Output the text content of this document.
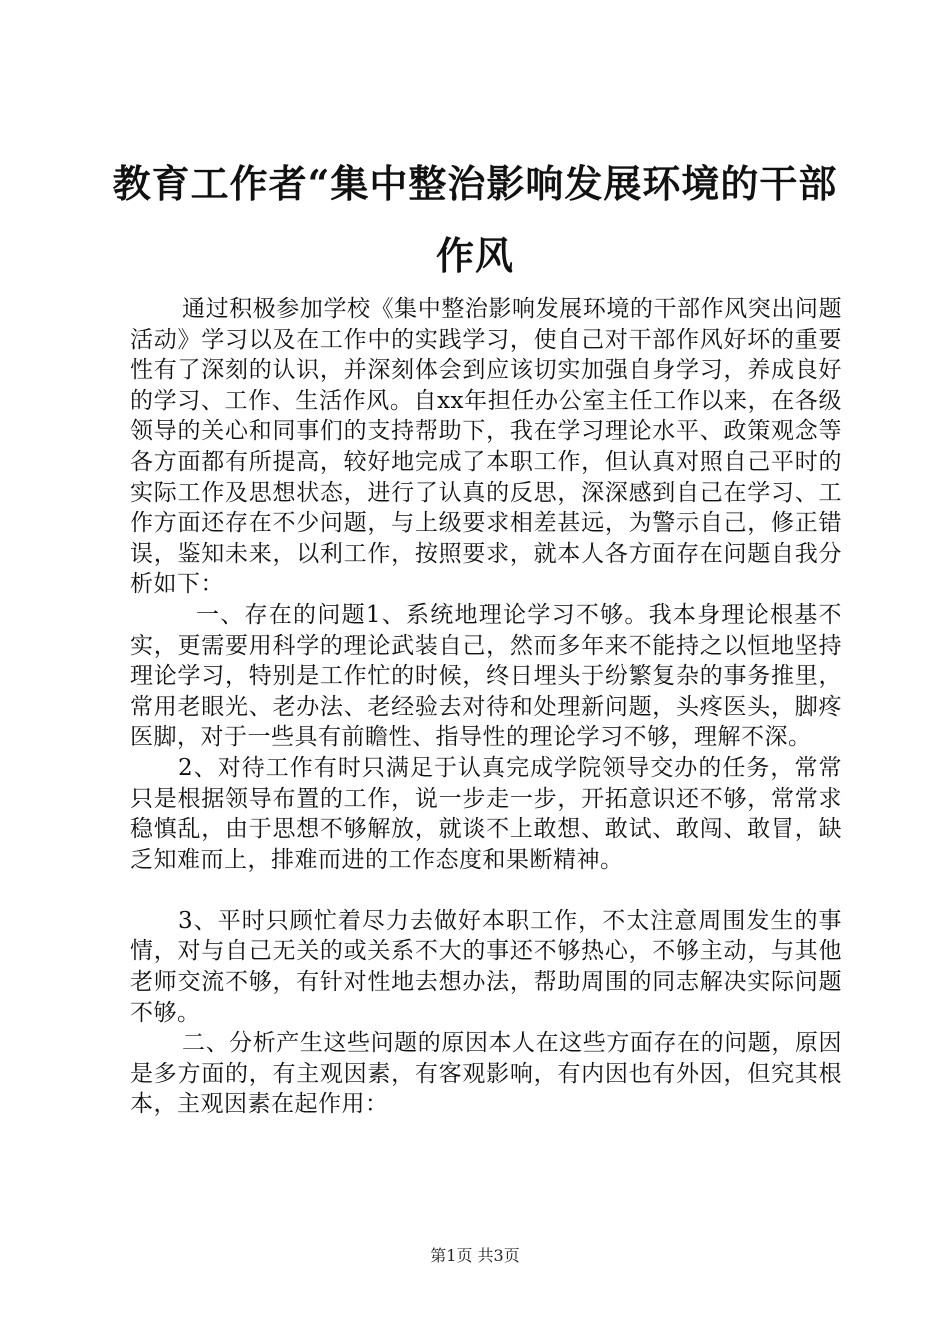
教育工作者“集中整治影响发展环境的干部作风

通过积极参加学校《集中整治影响发展环境的干部作风突出问题活动》学习以及在工作中的实践学习，使自己对干部作风好坏的重要性有了深刻的认识，并深刻体会到应该切实加强自身学习，养成良好的学习、工作、生活作风。自xx年担任办公室主任工作以来，在各级领导的关心和同事们的支持帮助下，我在学习理论水平、政策观念等各方面都有所提高，较好地完成了本职工作，但认真对照自己平时的实际工作及思想状态，进行了认真的反思，深深感到自己在学习、工作方面还存在不少问题，与上级要求相差甚远，为警示自己，修正错误，鉴知未来，以利工作，按照要求，就本人各方面存在问题自我分析如下：

一、存在的问题1、系统地理论学习不够。我本身理论根基不实，更需要用科学的理论武装自己，然而多年来不能持之以恒地坚持理论学习，特别是工作忙的时候，终日埋头于纷繁复杂的事务推里，常用老眼光、老办法、老经验去对待和处理新问题，头疼医头，脚疼医脚，对于一些具有前瞻性、指导性的理论学习不够，理解不深。

2、对待工作有时只满足于认真完成学院领导交办的任务，常常只是根据领导布置的工作，说一步走一步，开拓意识还不够，常常求稳慎乱，由于思想不够解放，就谈不上敢想、敢试、敢闯、敢冒，缺乏知难而上，排难而进的工作态度和果断精神。

3、平时只顾忙着尽力去做好本职工作，不太注意周围发生的事情，对与自己无关的或关系不大的事还不够热心，不够主动，与其他老师交流不够，有针对性地去想办法，帮助周围的同志解决实际问题不够。

二、分析产生这些问题的原因本人在这些方面存在的问题，原因是多方面的，有主观因素，有客观影响，有内因也有外因，但究其根本，主观因素在起作用：

第1页 共3页
